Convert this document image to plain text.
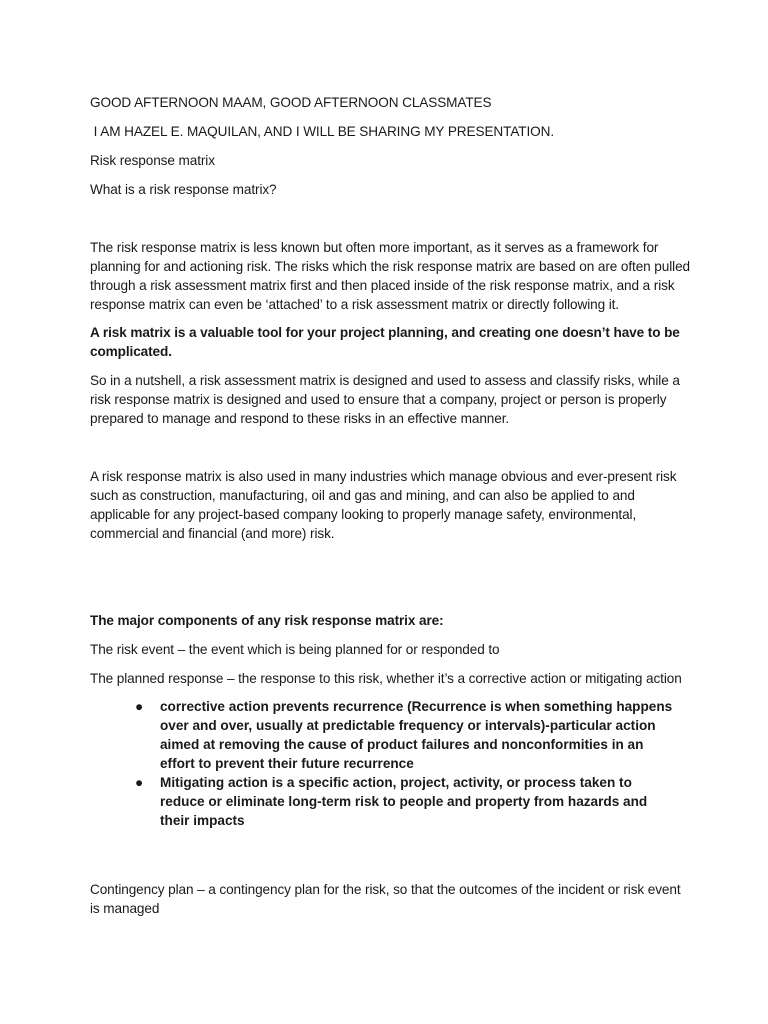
GOOD AFTERNOON MAAM, GOOD AFTERNOON CLASSMATES

I AM HAZEL E. MAQUILAN, AND I WILL BE SHARING MY PRESENTATION.

Risk response matrix

What is a risk response matrix?

The risk response matrix is less known but often more important, as it serves as a framework for planning for and actioning risk. The risks which the risk response matrix are based on are often pulled through a risk assessment matrix first and then placed inside of the risk response matrix, and a risk response matrix can even be ‘attached’ to a risk assessment matrix or directly following it.

A risk matrix is a valuable tool for your project planning, and creating one doesn’t have to be complicated.

So in a nutshell, a risk assessment matrix is designed and used to assess and classify risks, while a risk response matrix is designed and used to ensure that a company, project or person is properly prepared to manage and respond to these risks in an effective manner.

A risk response matrix is also used in many industries which manage obvious and ever-present risk such as construction, manufacturing, oil and gas and mining, and can also be applied to and applicable for any project-based company looking to properly manage safety, environmental, commercial and financial (and more) risk.

The major components of any risk response matrix are:

The risk event – the event which is being planned for or responded to

The planned response – the response to this risk, whether it’s a corrective action or mitigating action

● corrective action prevents recurrence (Recurrence is when something happens over and over, usually at predictable frequency or intervals)-particular action aimed at removing the cause of product failures and nonconformities in an effort to prevent their future recurrence
● Mitigating action is a specific action, project, activity, or process taken to reduce or eliminate long-term risk to people and property from hazards and their impacts

Contingency plan – a contingency plan for the risk, so that the outcomes of the incident or risk event is managed
